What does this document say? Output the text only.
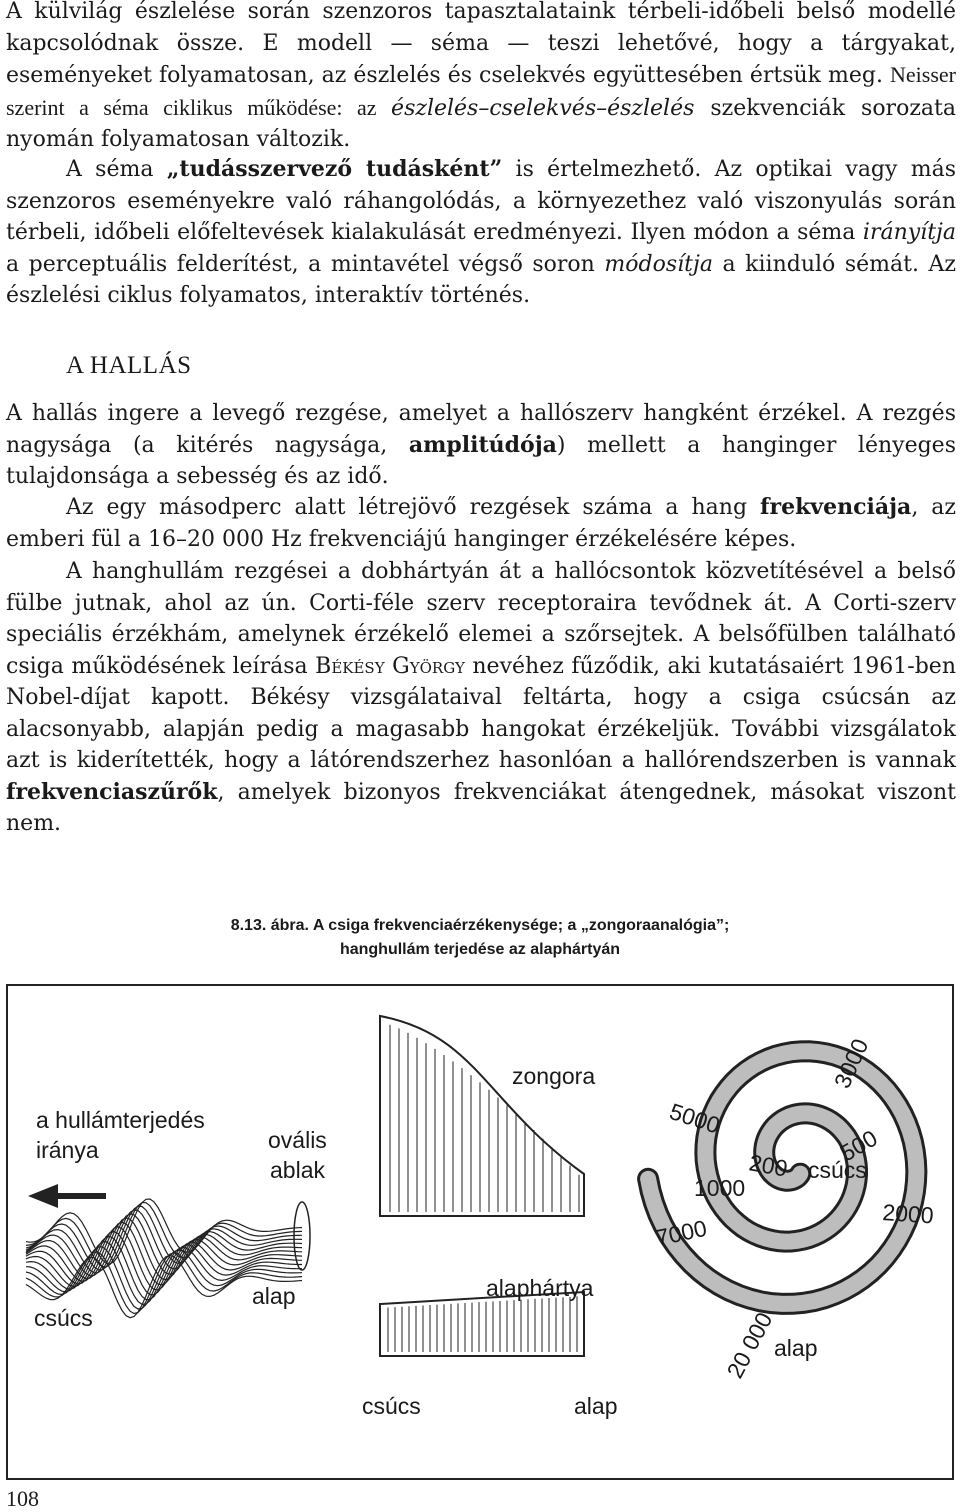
A külvilág észlelése során szenzoros tapasztalataink térbeli-időbeli belső modellé kapcsolódnak össze. E modell — séma — teszi lehetővé, hogy a tárgyakat, eseményeket folyamatosan, az észlelés és cselekvés együttesében értsük meg. Neisser szerint a séma ciklikus működése: az észlelés–cselekvés–észlelés szekvenciák sorozata nyomán folyamatosan változik.

A séma „tudásszervező tudásként” is értelmezhető. Az optikai vagy más szenzoros eseményekre való ráhangolódás, a környezethez való viszonyulás során térbeli, időbeli előfeltevések kialakulását eredményezi. Ilyen módon a séma irányítja a perceptuális felderítést, a mintavétel végső soron módosítja a kiinduló sémát. Az észlelési ciklus folyamatos, interaktív történés.

A HALLÁS

A hallás ingere a levegő rezgése, amelyet a hallószerv hangként érzékel. A rezgés nagysága (a kitérés nagysága, amplitúdója) mellett a hanginger lényeges tulajdonsága a sebesség és az idő.

Az egy másodperc alatt létrejövő rezgések száma a hang frekvenciája, az emberi fül a 16–20 000 Hz frekvenciájú hanginger érzékelésére képes.

A hanghullám rezgései a dobhártyán át a hallócsontok közvetítésével a belső fülbe jutnak, ahol az ún. Corti-féle szerv receptoraira tevődnek át. A Corti-szerv speciális érzékhám, amelynek érzékelő elemei a szőrsejtek. A belsőfülben található csiga működésének leírása Békésy György nevéhez fűződik, aki kutatásaiért 1961-ben Nobel-díjat kapott. Békésy vizsgálataival feltárta, hogy a csiga csúcsán az alacsonyabb, alapján pedig a magasabb hangokat érzékeljük. További vizsgálatok azt is kiderítették, hogy a látórendszerhez hasonlóan a hallórendszerben is vannak frekvenciaszűrők, amelyek bizonyos frekvenciákat átengednek, másokat viszont nem.

8.13. ábra. A csiga frekvenciaérzékenysége; a „zongoraanalógia”;
hanghullám terjedése az alaphártyán
a hullámterjedés
iránya	ovális
ablak
csúcs
alap
zongora
alaphártya
csúcs	alap
3000
5000
500
200 csúcs
1000
2000
7000
20 000
alap
108
